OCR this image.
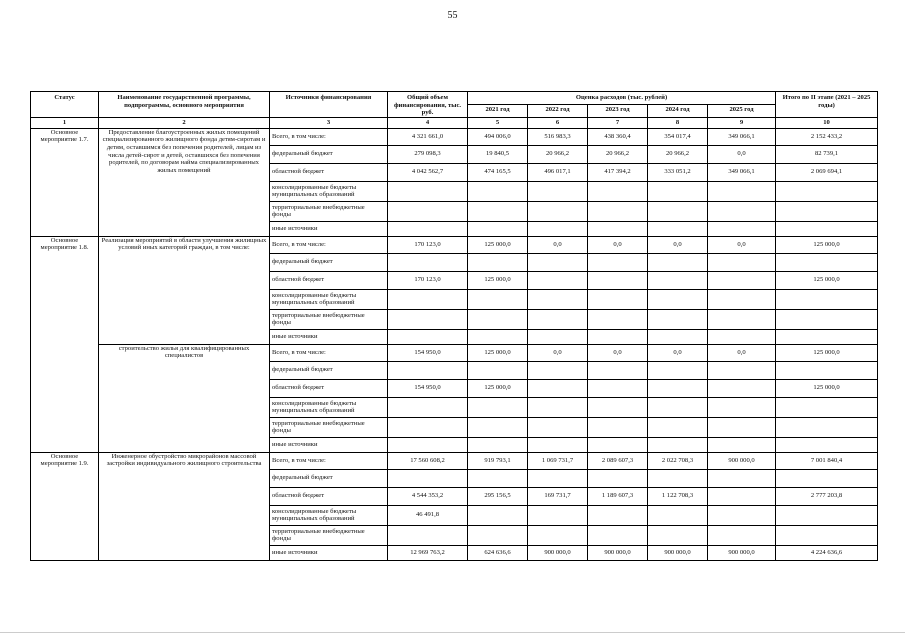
55
Статус	Наименование государственной программы, подпрограммы, основного мероприятия	Источники финансирования	Общий объем финансирования, тыс. руб.	Оценка расходов (тыс. рублей)					Итого по II этапе (2021 – 2025 годы)
				2021 год	2022 год	2023 год	2024 год	2025 год	
1	2	3	4	5	6	7	8	9	10
Основное мероприятие 1.7.	Предоставление благоустроенных жилых помещений специализированного жилищного фонда детям-сиротам и детям, оставшимся без попечения родителей, лицам из числа детей-сирот и детей, оставшихся без попечения родителей, по договорам найма специализированных жилых помещений	Всего, в том числе:	4 321 661,0	494 006,0	516 983,3	438 360,4	354 017,4	349 066,1	2 152 433,2
		федеральный бюджет	279 098,3	19 840,5	20 966,2	20 966,2	20 966,2	0,0	82 739,1
		областной бюджет	4 042 562,7	474 165,5	496 017,1	417 394,2	333 051,2	349 066,1	2 069 694,1
		консолидированные бюджеты муниципальных образований							
		территориальные внебюджетные фонды							
		иные источники							
Основное мероприятие 1.8.	Реализация мероприятий в области улучшения жилищных условий иных категорий граждан, в том числе:	Всего, в том числе:	170 123,0	125 000,0	0,0	0,0	0,0	0,0	125 000,0
		федеральный бюджет							
		областной бюджет	170 123,0	125 000,0					125 000,0
		консолидированные бюджеты муниципальных образований							
		территориальные внебюджетные фонды							
		иные источники							
	строительство жилья для квалифицированных специалистов	Всего, в том числе:	154 950,0	125 000,0	0,0	0,0	0,0	0,0	125 000,0
		федеральный бюджет							
		областной бюджет	154 950,0	125 000,0					125 000,0
		консолидированные бюджеты муниципальных образований							
		территориальные внебюджетные фонды							
		иные источники							
Основное мероприятие 1.9.	Инженерное обустройство микрорайонов массовой застройки индивидуального жилищного строительства	Всего, в том числе:	17 560 608,2	919 793,1	1 069 731,7	2 089 607,3	2 022 708,3	900 000,0	7 001 840,4
		федеральный бюджет							
		областной бюджет	4 544 353,2	295 156,5	169 731,7	1 189 607,3	1 122 708,3		2 777 203,8
		консолидированные бюджеты муниципальных образований	46 491,8						
		территориальные внебюджетные фонды							
		иные источники	12 969 763,2	624 636,6	900 000,0	900 000,0	900 000,0	900 000,0	4 224 636,6
